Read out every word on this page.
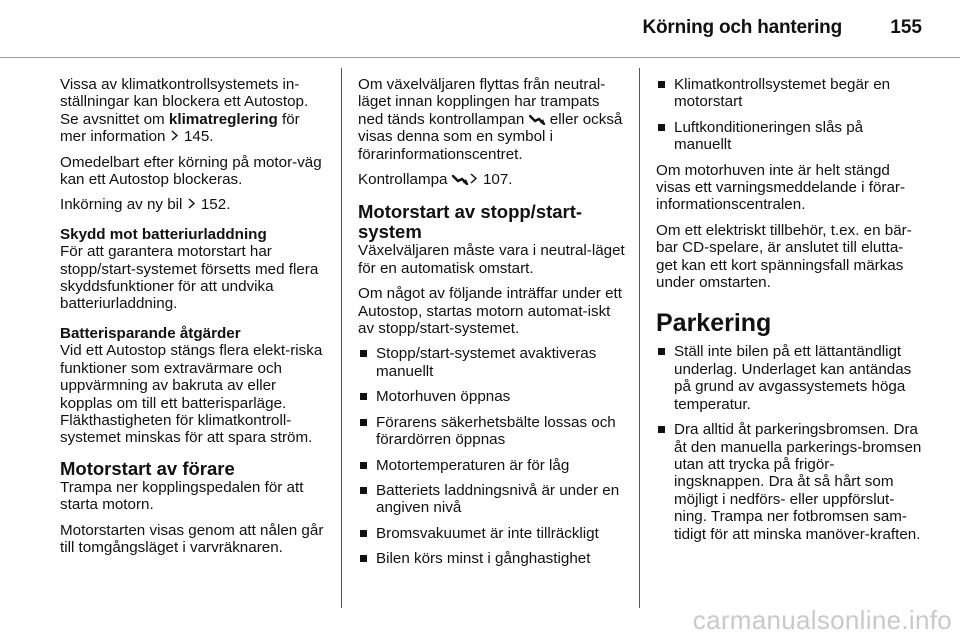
Körning och hantering	155

Vissa av klimatkontrollsystemets in-ställningar kan blockera ett Autostop. Se avsnittet om klimatreglering för mer information  145.

Omedelbart efter körning på motor-väg kan ett Autostop blockeras.

Inkörning av ny bil  152.

Skydd mot batteriurladdning

För att garantera motorstart har stopp/start-systemet försetts med flera skyddsfunktioner för att undvika batteriurladdning.

Batterisparande åtgärder

Vid ett Autostop stängs flera elekt-riska funktioner som extravärmare och uppvärmning av bakruta av eller kopplas om till ett batterisparläge. Fläkthastigheten för klimatkontroll-systemet minskas för att spara ström.

Motorstart av förare

Trampa ner kopplingspedalen för att starta motorn.

Motorstarten visas genom att nålen går till tomgångsläget i varvräknaren.

Om växelväljaren flyttas från neutral-läget innan kopplingen har trampats ned tänds kontrollampan  eller också visas denna som en symbol i förarinformationscentret.

Kontrollampa  107.

Motorstart av stopp/start-system

Växelväljaren måste vara i neutral-läget för en automatisk omstart.

Om något av följande inträffar under ett Autostop, startas motorn automat-iskt av stopp/start-systemet.

Stopp/start-systemet avaktiveras manuellt
Motorhuven öppnas
Förarens säkerhetsbälte lossas och förardörren öppnas
Motortemperaturen är för låg
Batteriets laddningsnivå är under en angiven nivå
Bromsvakuumet är inte tillräckligt
Bilen körs minst i gånghastighet
Klimatkontrollsystemet begär en motorstart
Luftkonditioneringen slås på manuellt

Om motorhuven inte är helt stängd visas ett varningsmeddelande i förar-informationscentralen.

Om ett elektriskt tillbehör, t.ex. en bär-bar CD-spelare, är anslutet till elutta-get kan ett kort spänningsfall märkas under omstarten.

Parkering
Ställ inte bilen på ett lättantändligt underlag. Underlaget kan antändas på grund av avgassystemets höga temperatur.
Dra alltid åt parkeringsbromsen. Dra åt den manuella parkerings-bromsen utan att trycka på frigör-ingsknappen. Dra åt så hårt som möjligt i nedförs- eller uppförslut-ning. Trampa ner fotbromsen sam-tidigt för att minska manöver-kraften.
carmanualsonline.info
